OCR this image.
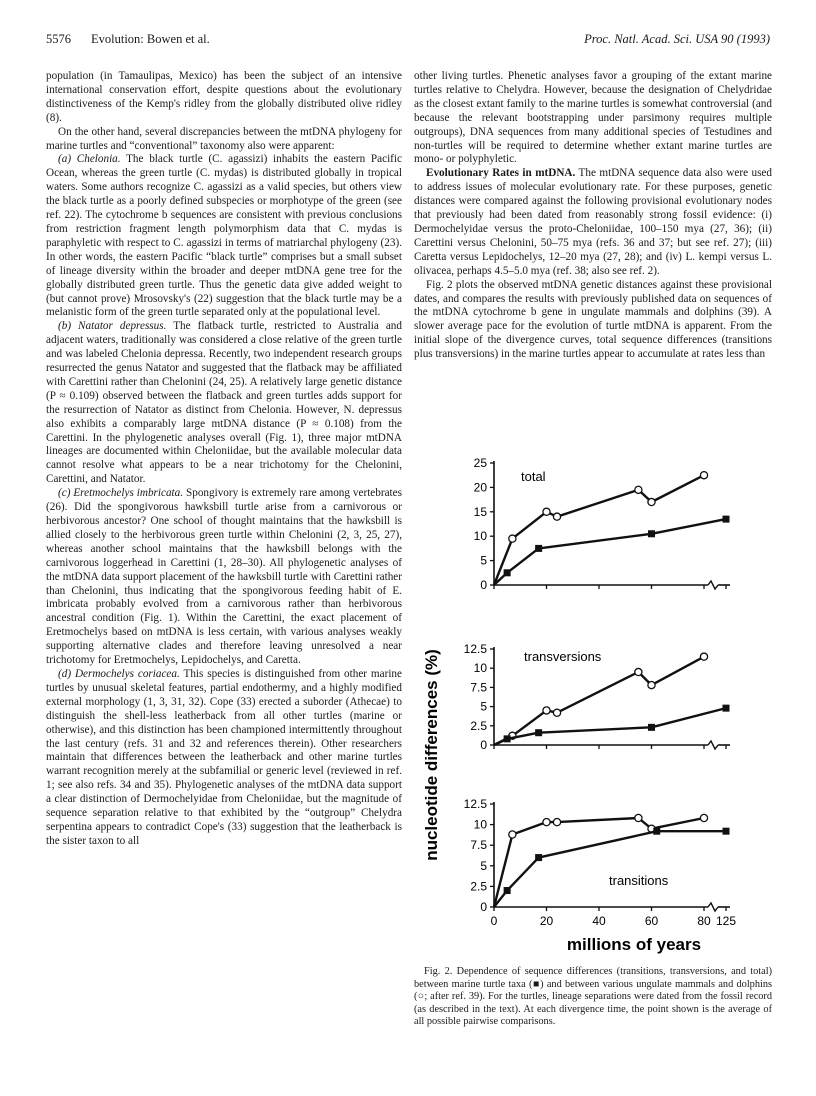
5576 Evolution: Bowen et al.	Proc. Natl. Acad. Sci. USA 90 (1993)

population (in Tamaulipas, Mexico) has been the subject of an intensive international conservation effort, despite questions about the evolutionary distinctiveness of the Kemp's ridley from the globally distributed olive ridley (8).

On the other hand, several discrepancies between the mtDNA phylogeny for marine turtles and “conventional” taxonomy also were apparent:

(a) Chelonia. The black turtle (C. agassizi) inhabits the eastern Pacific Ocean, whereas the green turtle (C. mydas) is distributed globally in tropical waters. Some authors recognize C. agassizi as a valid species, but others view the black turtle as a poorly defined subspecies or morphotype of the green (see ref. 22). The cytochrome b sequences are consistent with previous conclusions from restriction fragment length polymorphism data that C. mydas is paraphyletic with respect to C. agassizi in terms of matriarchal phylogeny (23). In other words, the eastern Pacific “black turtle” comprises but a small subset of lineage diversity within the broader and deeper mtDNA gene tree for the globally distributed green turtle. Thus the genetic data give added weight to (but cannot prove) Mrosovsky's (22) suggestion that the black turtle may be a melanistic form of the green turtle separated only at the populational level.

(b) Natator depressus. The flatback turtle, restricted to Australia and adjacent waters, traditionally was considered a close relative of the green turtle and was labeled Chelonia depressa. Recently, two independent research groups resurrected the genus Natator and suggested that the flatback may be affiliated with Carettini rather than Chelonini (24, 25). A relatively large genetic distance (P ≈ 0.109) observed between the flatback and green turtles adds support for the resurrection of Natator as distinct from Chelonia. However, N. depressus also exhibits a comparably large mtDNA distance (P ≈ 0.108) from the Carettini. In the phylogenetic analyses overall (Fig. 1), three major mtDNA lineages are documented within Cheloniidae, but the available molecular data cannot resolve what appears to be a near trichotomy for the Chelonini, Carettini, and Natator.

(c) Eretmochelys imbricata. Spongivory is extremely rare among vertebrates (26). Did the spongivorous hawksbill turtle arise from a carnivorous or herbivorous ancestor? One school of thought maintains that the hawksbill is allied closely to the herbivorous green turtle within Chelonini (2, 3, 25, 27), whereas another school maintains that the hawksbill belongs with the carnivorous loggerhead in Carettini (1, 28–30). All phylogenetic analyses of the mtDNA data support placement of the hawksbill turtle with Carettini rather than Chelonini, thus indicating that the spongivorous feeding habit of E. imbricata probably evolved from a carnivorous rather than herbivorous ancestral condition (Fig. 1). Within the Carettini, the exact placement of Eretmochelys based on mtDNA is less certain, with various analyses weakly supporting alternative clades and therefore leaving unresolved a near trichotomy for Eretmochelys, Lepidochelys, and Caretta.

(d) Dermochelys coriacea. This species is distinguished from other marine turtles by unusual skeletal features, partial endothermy, and a highly modified external morphology (1, 3, 31, 32). Cope (33) erected a suborder (Athecae) to distinguish the shell-less leatherback from all other turtles (marine or otherwise), and this distinction has been championed intermittently throughout the last century (refs. 31 and 32 and references therein). Other researchers maintain that differences between the leatherback and other marine turtles warrant recognition merely at the subfamilial or generic level (reviewed in ref. 1; see also refs. 34 and 35). Phylogenetic analyses of the mtDNA data support a clear distinction of Dermochelyidae from Cheloniidae, but the magnitude of sequence separation relative to that exhibited by the “outgroup” Chelydra serpentina appears to contradict Cope's (33) suggestion that the leatherback is the sister taxon to all

other living turtles. Phenetic analyses favor a grouping of the extant marine turtles relative to Chelydra. However, because the designation of Chelydridae as the closest extant family to the marine turtles is somewhat controversial (and because the relevant bootstrapping under parsimony requires multiple outgroups), DNA sequences from many additional species of Testudines and non-turtles will be required to determine whether extant marine turtles are mono- or polyphyletic.

Evolutionary Rates in mtDNA. The mtDNA sequence data also were used to address issues of molecular evolutionary rate. For these purposes, genetic distances were compared against the following provisional evolutionary nodes that previously had been dated from reasonably strong fossil evidence: (i) Dermochelyidae versus the proto-Cheloniidae, 100–150 mya (27, 36); (ii) Carettini versus Chelonini, 50–75 mya (refs. 36 and 37; but see ref. 27); (iii) Caretta versus Lepidochelys, 12–20 mya (27, 28); and (iv) L. kempi versus L. olivacea, perhaps 4.5–5.0 mya (ref. 38; also see ref. 2).

Fig. 2 plots the observed mtDNA genetic distances against these provisional dates, and compares the results with previously published data on sequences of the mtDNA cytochrome b gene in ungulate mammals and dolphins (39). A slower average pace for the evolution of turtle mtDNA is apparent. From the initial slope of the divergence curves, total sequence differences (transitions plus transversions) in the marine turtles appear to accumulate at rates less than

nucleotide differences (%)
millions of years
0
5
10
15
20
25
total
0
2.5
5
7.5
10
12.5	transversions
0
2.5
5
7.5
10
12.5
0	20	40	60	80 125
transitions

Fig. 2. Dependence of sequence differences (transitions, transversions, and total) between marine turtle taxa (■) and between various ungulate mammals and dolphins (○; after ref. 39). For the turtles, lineage separations were dated from the fossil record (as described in the text). At each divergence time, the point shown is the average of all possible pairwise comparisons.
